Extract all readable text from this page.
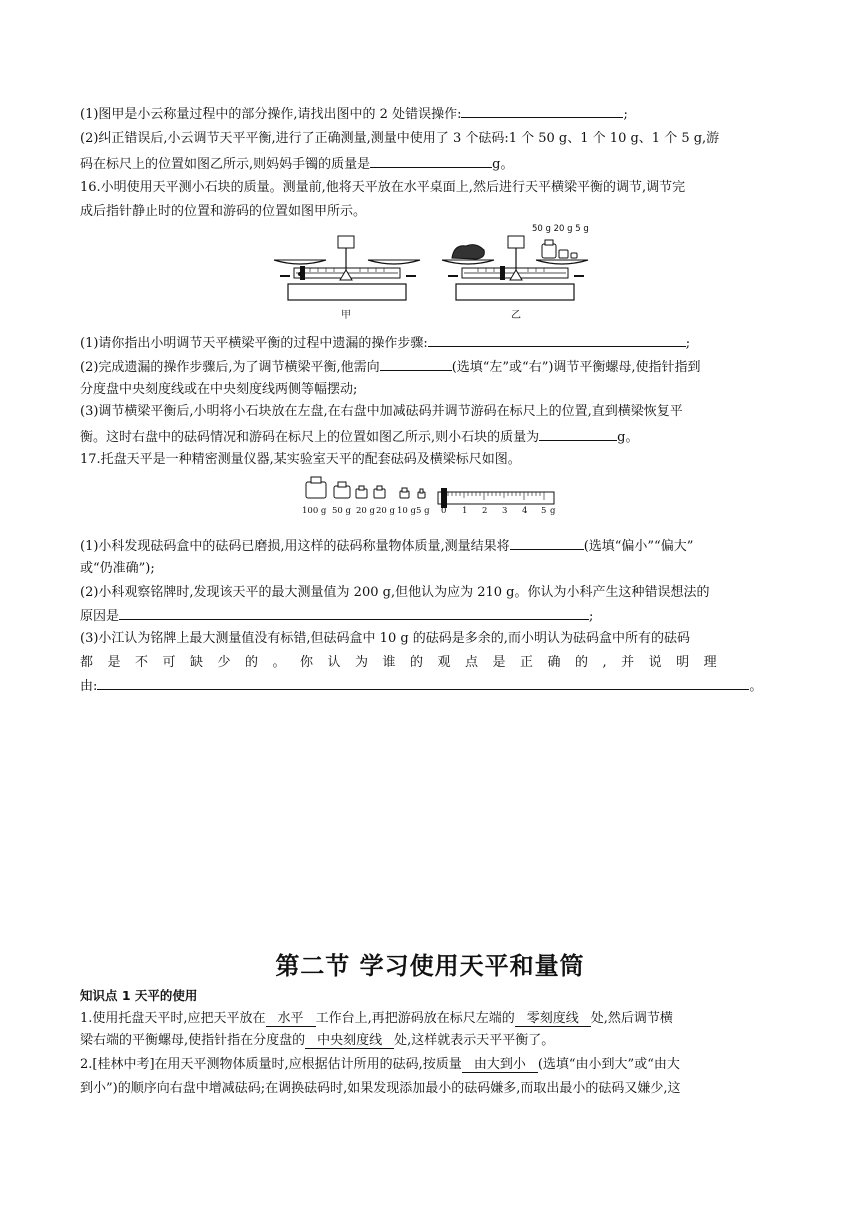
(1)图甲是小云称量过程中的部分操作,请找出图中的 2 处错误操作:	;
(2)纠正错误后,小云调节天平平衡,进行了正确测量,测量中使用了 3 个砝码:1 个 50 g、1 个 10 g、1 个 5 g,游
码在标尺上的位置如图乙所示,则妈妈手镯的质量是	g。
16.小明使用天平测小石块的质量。测量前,他将天平放在水平桌面上,然后进行天平横梁平衡的调节,调节完
成后指针静止时的位置和游码的位置如图甲所示。
50 g 20 g 5 g
甲	乙
(1)请你指出小明调节天平横梁平衡的过程中遗漏的操作步骤:	;
(2)完成遗漏的操作步骤后,为了调节横梁平衡,他需向	(选填“左”或“右”)调节平衡螺母,使指针指到
分度盘中央刻度线或在中央刻度线两侧等幅摆动;
(3)调节横梁平衡后,小明将小石块放在左盘,在右盘中加减砝码并调节游码在标尺上的位置,直到横梁恢复平
衡。这时右盘中的砝码情况和游码在标尺上的位置如图乙所示,则小石块的质量为	g。
17.托盘天平是一种精密测量仪器,某实验室天平的配套砝码及横梁标尺如图。
100 g 50 g 20 g 20 g 10 g 5 g 0 1 2 3 4 5 g
(1)小科发现砝码盒中的砝码已磨损,用这样的砝码称量物体质量,测量结果将	(选填“偏小”“偏大”
或“仍准确”);
(2)小科观察铭牌时,发现该天平的最大测量值为 200 g,但他认为应为 210 g。你认为小科产生这种错误想法的
原因是	;
(3)小江认为铭牌上最大测量值没有标错,但砝码盒中 10 g 的砝码是多余的,而小明认为砝码盒中所有的砝码
都是不可缺少的。你认为谁的观点是正确的,并说明理
由:	。
第二节 学习使用天平和量筒
知识点 1 天平的使用
1.使用托盘天平时,应把天平放在 水平 工作台上,再把游码放在标尺左端的 零刻度线 处,然后调节横
梁右端的平衡螺母,使指针指在分度盘的 中央刻度线 处,这样就表示天平平衡了。
2.[桂林中考]在用天平测物体质量时,应根据估计所用的砝码,按质量 由大到小 (选填“由小到大”或“由大
到小”)的顺序向右盘中增减砝码;在调换砝码时,如果发现添加最小的砝码嫌多,而取出最小的砝码又嫌少,这
